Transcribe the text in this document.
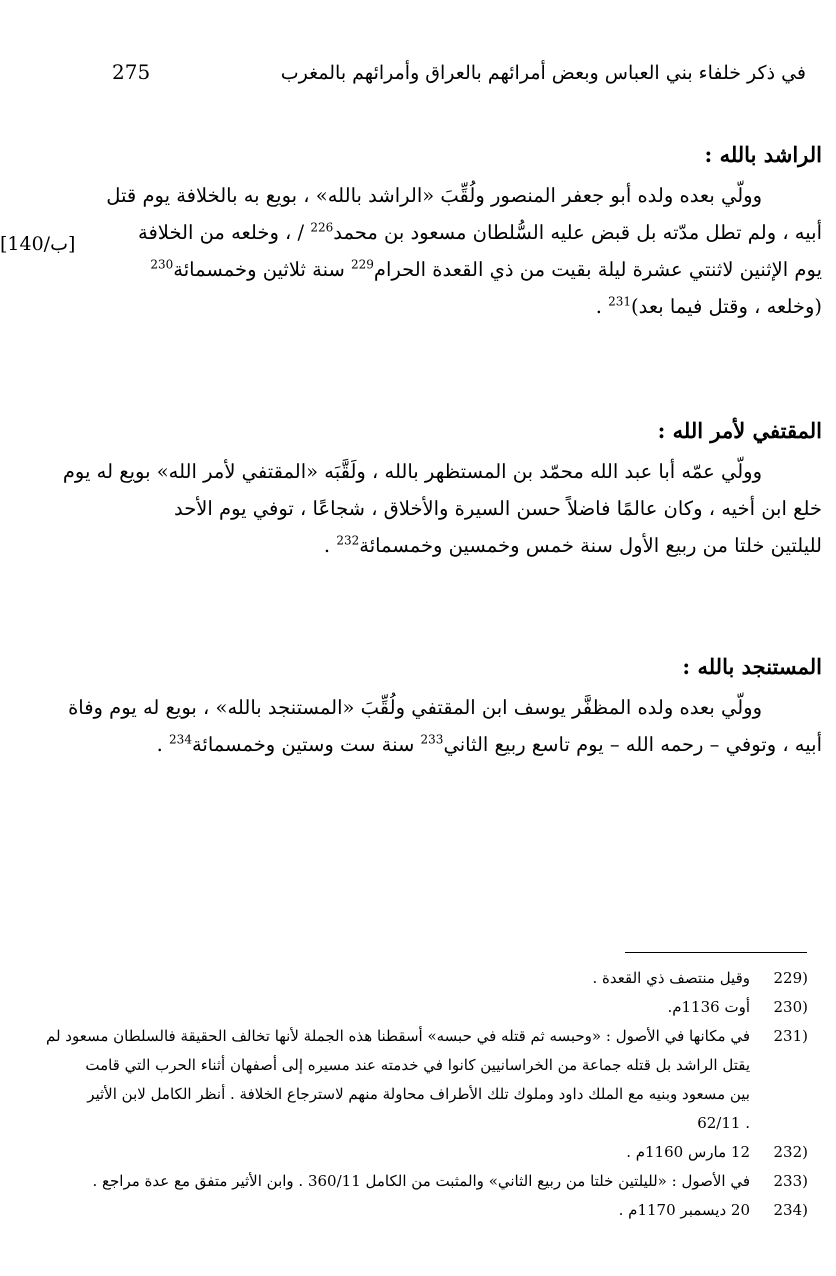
275	في ذكر خلفاء بني العباس وبعض أمرائهم بالعراق وأمرائهم بالمغرب
[140/ب]
الراشد بالله :

وولّي بعده ولده أبو جعفر المنصور ولُقِّبَ «الراشد بالله» ، بويع به بالخلافة يوم قتل

أبيه ، ولم تطل مدّته بل قبض عليه السُّلطان مسعود بن محمد$^{226}$ / ، وخلعه من الخلافة

يوم الإثنين لاثنتي عشرة ليلة بقيت من ذي القعدة الحرام$^{229}$ سنة ثلاثين وخمسمائة$^{230}$

(وخلعه ، وقتل فيما بعد)$^{231}$ .

المقتفي لأمر الله :

وولّي عمّه أبا عبد الله محمّد بن المستظهر بالله ، ولَقَّبَه «المقتفي لأمر الله» بويع له يوم

خلع ابن أخيه ، وكان عالمًا فاضلاً حسن السيرة والأخلاق ، شجاعًا ، توفي يوم الأحد

لليلتين خلتا من ربيع الأول سنة خمس وخمسين وخمسمائة$^{232}$ .

المستنجد بالله :

وولّي بعده ولده المظفَّر يوسف ابن المقتفي ولُقِّبَ «المستنجد بالله» ، بويع له يوم وفاة

أبيه ، وتوفي – رحمه الله – يوم تاسع ربيع الثاني$^{233}$ سنة ست وستين وخمسمائة$^{234}$ .

229)
وقيل منتصف ذي القعدة .
230)
أوت 1136م.
231)
في مكانها في الأصول : «وحبسه ثم قتله في حبسه» أسقطنا هذه الجملة لأنها تخالف الحقيقة فالسلطان مسعود لم
يقتل الراشد بل قتله جماعة من الخراسانيين كانوا في خدمته عند مسيره إلى أصفهان أثناء الحرب التي قامت
بين مسعود وبنيه مع الملك داود وملوك تلك الأطراف محاولة منهم لاسترجاع الخلافة . أنظر الكامل لابن الأثير
. 62/11
232)
12 مارس 1160م .
233)
في الأصول : «لليلتين خلتا من ربيع الثاني» والمثبت من الكامل 360/11 . وابن الأثير متفق مع عدة مراجع .
234)
20 ديسمبر 1170م .
